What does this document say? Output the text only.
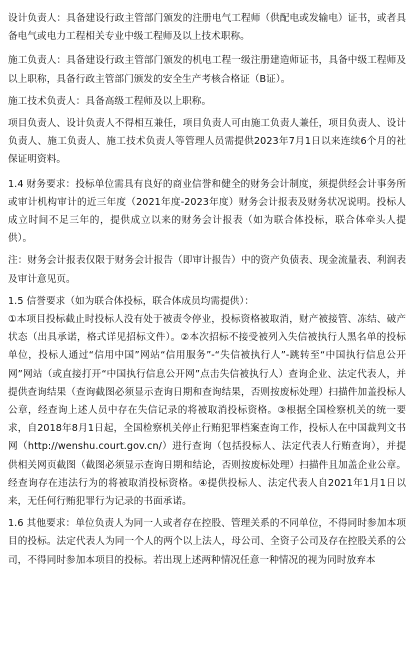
设计负责人：具备建设行政主管部门颁发的注册电气工程师（供配电或发输电）证书，或者具备电气或电力工程相关专业中级工程师及以上技术职称。

施工负责人：具备建设行政主管部门颁发的机电工程一级注册建造师证书，具备中级工程师及以上职称，具备行政主管部门颁发的安全生产考核合格证（B证）。

施工技术负责人：具备高级工程师及以上职称。

项目负责人、设计负责人不得相互兼任，项目负责人可由施工负责人兼任，项目负责人、设计负责人、施工负责人、施工技术负责人等管理人员需提供2023年7月1日以来连续6个月的社保证明资料。

1.4 财务要求：投标单位需具有良好的商业信誉和健全的财务会计制度，须提供经会计事务所或审计机构审计的近三年度（2021年度-2023年度）财务会计报表及财务状况说明。投标人成立时间不足三年的，提供成立以来的财务会计报表（如为联合体投标，联合体牵头人提供）。

注：财务会计报表仅限于财务会计报告（即审计报告）中的资产负债表、现金流量表、利润表及审计意见页。

1.5 信誉要求（如为联合体投标，联合体成员均需提供）：

①本项目投标截止时投标人没有处于被责令停业，投标资格被取消，财产被接管、冻结、破产状态（出具承诺，格式详见招标文件）。②本次招标不接受被列入失信被执行人黑名单的投标单位，投标人通过“信用中国”网站“信用服务”-“失信被执行人”-跳转至“中国执行信息公开网”网站（或直接打开“中国执行信息公开网”点击失信被执行人）查询企业、法定代表人，并提供查询结果（查询截图必须显示查询日期和查询结果，否则按废标处理）扫描件加盖投标人公章，经查询上述人员中存在失信记录的将被取消投标资格。③根据全国检察机关的统一要求，自2018年8月1日起，全国检察机关停止行贿犯罪档案查询工作，投标人在中国裁判文书网（http://wenshu.court.gov.cn/）进行查询（包括投标人、法定代表人行贿查询），并提供相关网页截图（截图必须显示查询日期和结论，否则按废标处理）扫描件且加盖企业公章。经查询存在违法行为的将被取消投标资格。④提供投标人、法定代表人自2021年1月1日以来，无任何行贿犯罪行为记录的书面承诺。

1.6 其他要求：单位负责人为同一人或者存在控股、管理关系的不同单位，不得同时参加本项目的投标。法定代表人为同一个人的两个以上法人，母公司、全资子公司及存在控股关系的公司，不得同时参加本项目的投标。若出现上述两种情况任意一种情况的视为同时放弃本
